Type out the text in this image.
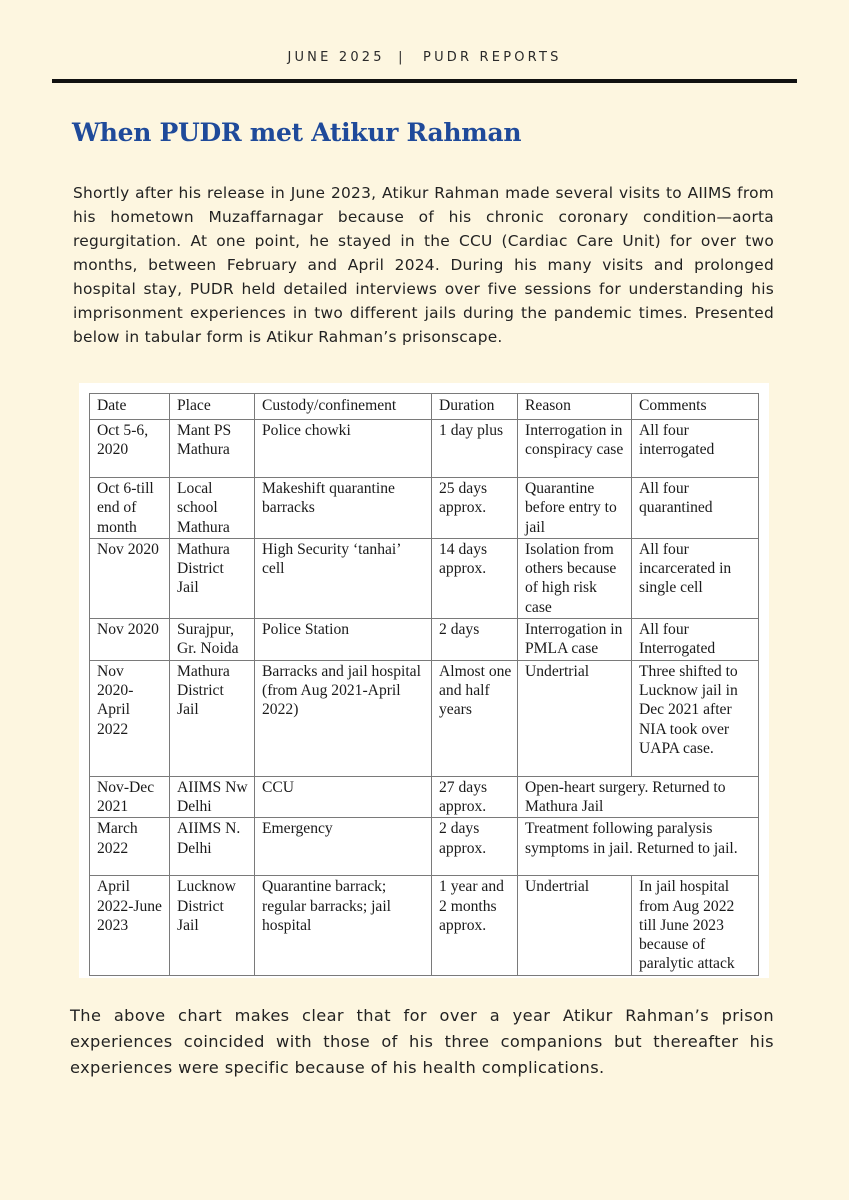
JUNE 2025 | PUDR REPORTS
When PUDR met Atikur Rahman

Shortly after his release in June 2023, Atikur Rahman made several visits to AIIMS from his hometown Muzaffarnagar because of his chronic coronary condition—aorta regurgitation. At one point, he stayed in the CCU (Cardiac Care Unit) for over two months, between February and April 2024. During his many visits and prolonged hospital stay, PUDR held detailed interviews over five sessions for understanding his imprisonment experiences in two different jails during the pandemic times. Presented below in tabular form is Atikur Rahman’s prisonscape.

Date	Place	Custody/confinement	Duration	Reason	Comments
Oct 5-6, 2020	Mant PS Mathura	Police chowki	1 day plus	Interrogation in conspiracy case	All four interrogated
Oct 6-till end of month	Local school Mathura	Makeshift quarantine barracks	25 days approx.	Quarantine before entry to jail	All four quarantined
Nov 2020	Mathura District Jail	High Security ‘tanhai’ cell	14 days approx.	Isolation from others because of high risk case	All four incarcerated in single cell
Nov 2020	Surajpur, Gr. Noida	Police Station	2 days	Interrogation in PMLA case	All four Interrogated
Nov 2020-April 2022	Mathura District Jail	Barracks and jail hospital (from Aug 2021-April 2022)	Almost one and half years	Undertrial	Three shifted to Lucknow jail in Dec 2021 after NIA took over UAPA case.
Nov-Dec 2021	AIIMS Nw Delhi	CCU	27 days approx.	Open-heart surgery. Returned to Mathura Jail	
March 2022	AIIMS N. Delhi	Emergency	2 days approx.	Treatment following paralysis symptoms in jail. Returned to jail.	
April 2022-June 2023	Lucknow District Jail	Quarantine barrack; regular barracks; jail hospital	1 year and 2 months approx.	Undertrial	In jail hospital from Aug 2022 till June 2023 because of paralytic attack

The above chart makes clear that for over a year Atikur Rahman’s prison experiences coincided with those of his three companions but thereafter his experiences were specific because of his health complications.
